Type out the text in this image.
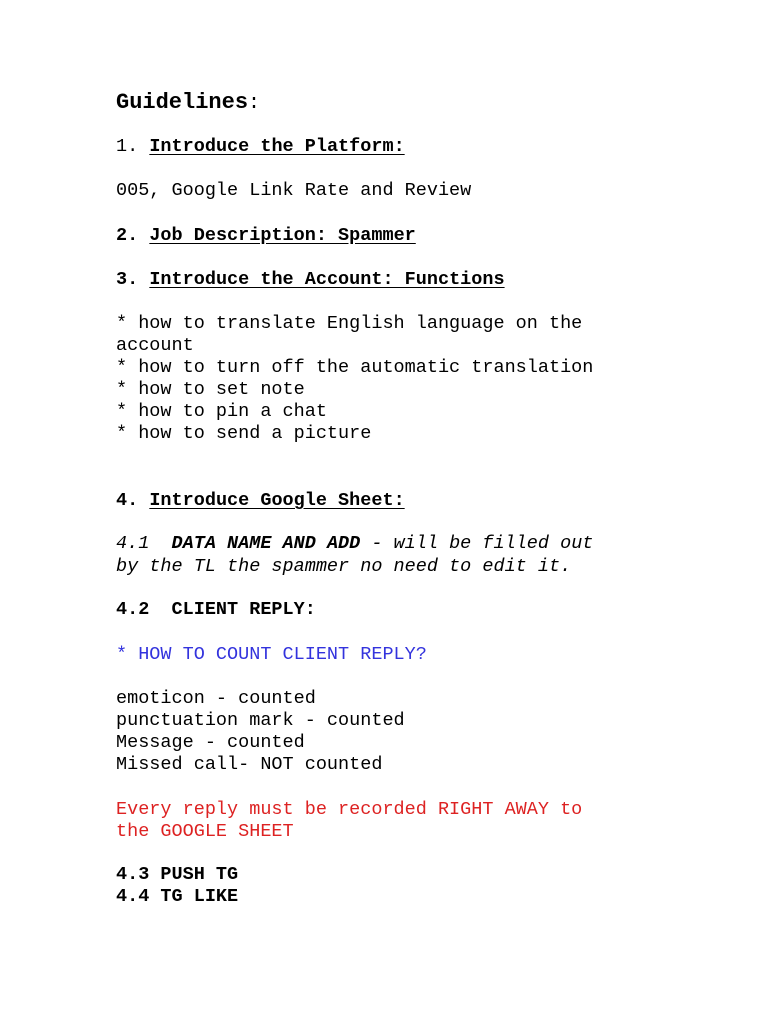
Guidelines:
1. Introduce the Platform:
005, Google Link Rate and Review
2. Job Description: Spammer
3. Introduce the Account: Functions
* how to translate English language on the
account
* how to turn off the automatic translation
* how to set note
* how to pin a chat
* how to send a picture
4. Introduce Google Sheet:
4.1 DATA NAME AND ADD - will be filled out
by the TL the spammer no need to edit it.
4.2  CLIENT REPLY:
* HOW TO COUNT CLIENT REPLY?
emoticon - counted
punctuation mark - counted
Message - counted
Missed call- NOT counted
Every reply must be recorded RIGHT AWAY to
the GOOGLE SHEET
4.3 PUSH TG
4.4 TG LIKE
